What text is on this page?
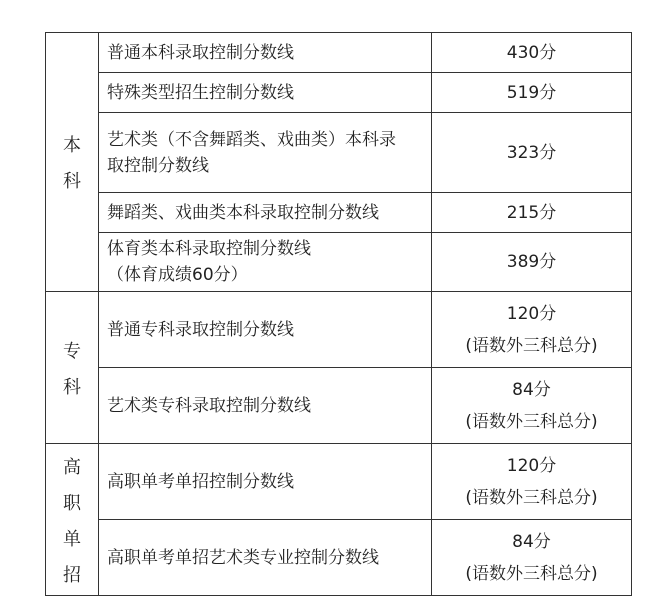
本
科	普通本科录取控制分数线	430分
	特殊类型招生控制分数线	519分

	艺术类（不含舞蹈类、戏曲类）本科录
取控制分数线	323分
	舞蹈类、戏曲类本科录取控制分数线	215分

	体育类本科录取控制分数线
（体育成绩60分）	389分

专
科	普通专科录取控制分数线	120分
(语数外三科总分)

	艺术类专科录取控制分数线	84分
(语数外三科总分)

高
职
单
招	高职单考单招控制分数线	120分
(语数外三科总分)

	高职单考单招艺术类专业控制分数线	84分
(语数外三科总分)
